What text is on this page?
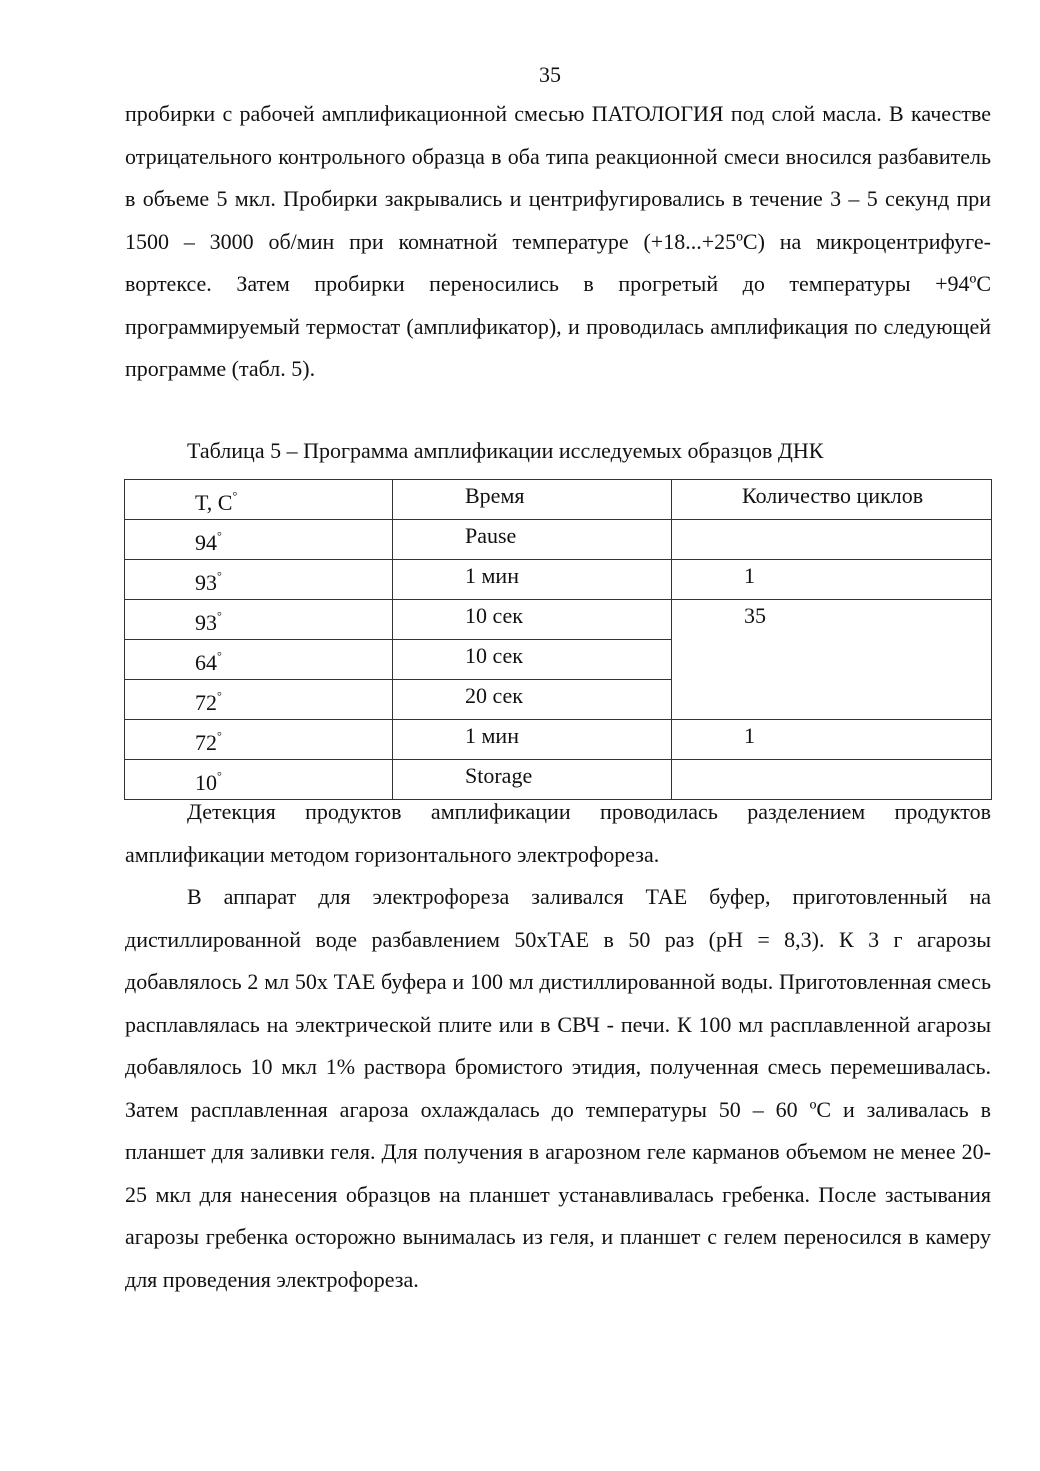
35

пробирки с рабочей амплификационной смесью ПАТОЛОГИЯ под слой масла. В качестве отрицательного контрольного образца в оба типа реакционной смеси вносился разбавитель в объеме 5 мкл. Пробирки закрывались и центрифугировались в течение 3 – 5 секунд при 1500 – 3000 об/мин при комнатной температуре (+18...+25ºС) на микроцентрифуге-вортексе. Затем пробирки переносились в прогретый до температуры +94ºС программируемый термостат (амплификатор), и проводилась амплификация по следующей программе (табл. 5).

Таблица 5 – Программа амплификации исследуемых образцов ДНК

T, C°	Время	Количество циклов
94°	Pause	
93°	1 мин	1
93°	10 сек	35
64°	10 сек	
72°	20 сек	
72°	1 мин	1
10°	Storage	

Детекция продуктов амплификации проводилась разделением продуктов амплификации методом горизонтального электрофореза.

В аппарат для электрофореза заливался ТАЕ буфер, приготовленный на дистиллированной воде разбавлением 50хТАЕ в 50 раз (рН = 8,3). К 3 г агарозы добавлялось 2 мл 50х ТАЕ буфера и 100 мл дистиллированной воды. Приготовленная смесь расплавлялась на электрической плите или в СВЧ - печи. К 100 мл расплавленной агарозы добавлялось 10 мкл 1% раствора бромистого этидия, полученная смесь перемешивалась. Затем расплавленная агароза охлаждалась до температуры 50 – 60 ºС и заливалась в планшет для заливки геля. Для получения в агарозном геле карманов объемом не менее 20-25 мкл для нанесения образцов на планшет устанавливалась гребенка. После застывания агарозы гребенка осторожно вынималась из геля, и планшет с гелем переносился в камеру для проведения электрофореза.
